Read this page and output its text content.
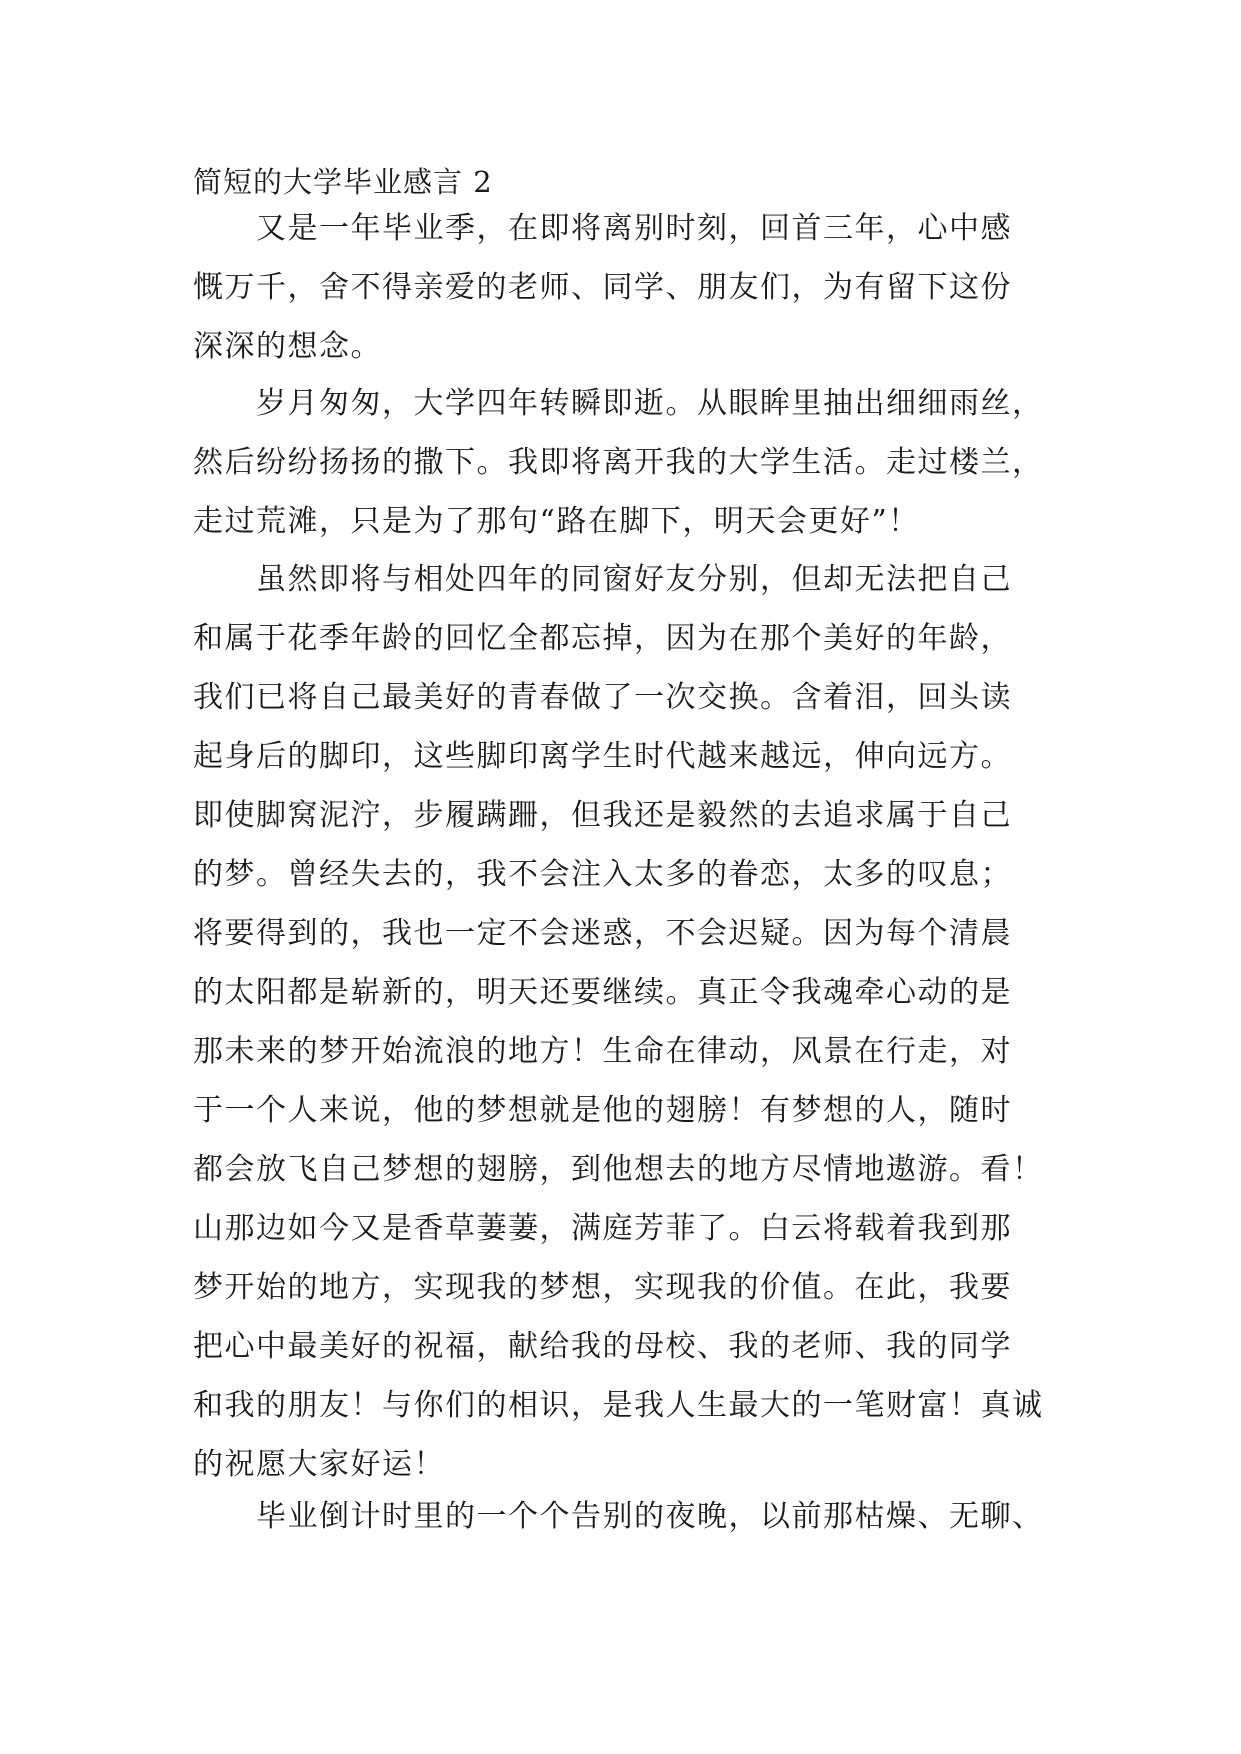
简短的大学毕业感言 2
又是一年毕业季，在即将离别时刻，回首三年，心中感
慨万千，舍不得亲爱的老师、同学、朋友们，为有留下这份
深深的想念。
岁月匆匆，大学四年转瞬即逝。从眼眸里抽出细细雨丝，
然后纷纷扬扬的撒下。我即将离开我的大学生活。走过楼兰，
走过荒滩，只是为了那句“路在脚下，明天会更好”！
虽然即将与相处四年的同窗好友分别，但却无法把自己
和属于花季年龄的回忆全都忘掉，因为在那个美好的年龄，
我们已将自己最美好的青春做了一次交换。含着泪，回头读
起身后的脚印，这些脚印离学生时代越来越远，伸向远方。
即使脚窝泥泞，步履蹒跚，但我还是毅然的去追求属于自己
的梦。曾经失去的，我不会注入太多的眷恋，太多的叹息；
将要得到的，我也一定不会迷惑，不会迟疑。因为每个清晨
的太阳都是崭新的，明天还要继续。真正令我魂牵心动的是
那未来的梦开始流浪的地方！生命在律动，风景在行走，对
于一个人来说，他的梦想就是他的翅膀！有梦想的人，随时
都会放飞自己梦想的翅膀，到他想去的地方尽情地遨游。看！
山那边如今又是香草萋萋，满庭芳菲了。白云将载着我到那
梦开始的地方，实现我的梦想，实现我的价值。在此，我要
把心中最美好的祝福，献给我的母校、我的老师、我的同学
和我的朋友！与你们的相识，是我人生最大的一笔财富！真诚
的祝愿大家好运！
毕业倒计时里的一个个告别的夜晚，以前那枯燥、无聊、
